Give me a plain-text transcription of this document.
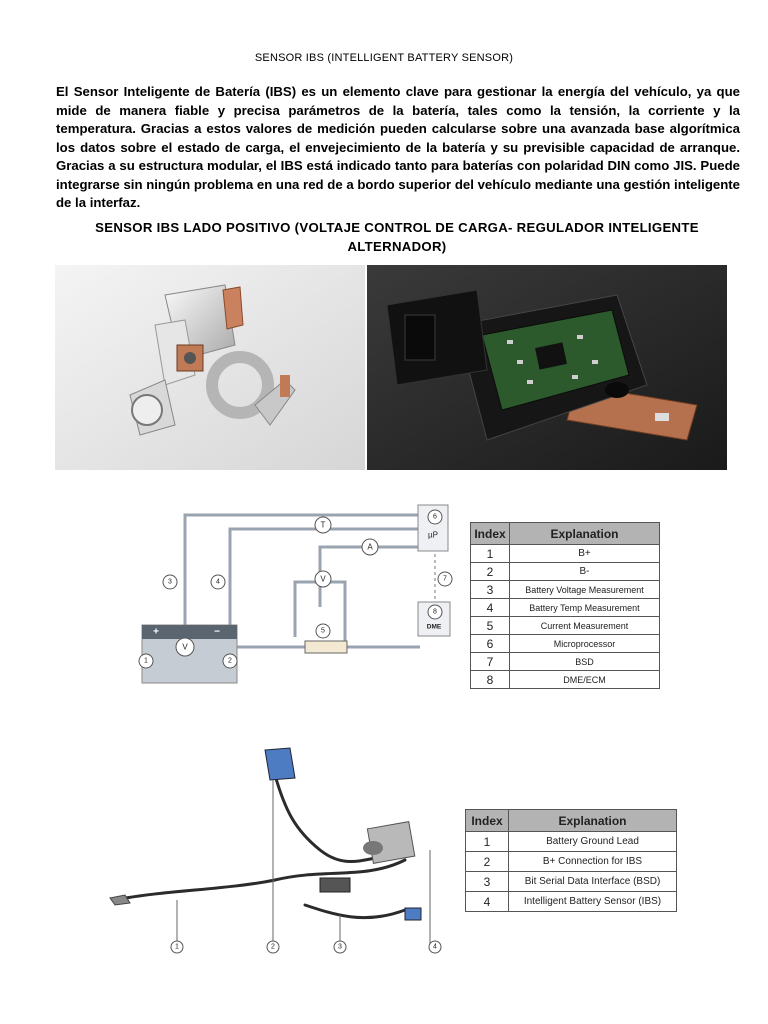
SENSOR IBS (INTELLIGENT BATTERY SENSOR)
El Sensor Inteligente de Batería (IBS) es un elemento clave para gestionar la energía del vehículo, ya que mide de manera fiable y precisa parámetros de la batería, tales como la tensión, la corriente y la temperatura. Gracias a estos valores de medición pueden calcularse sobre una avanzada base algorítmica los datos sobre el estado de carga, el envejecimiento de la batería y su previsible capacidad de arranque. Gracias a su estructura modular, el IBS está indicado tanto para baterías con polaridad DIN como JIS. Puede integrarse sin ningún problema en una red de a bordo superior del vehículo mediante una gestión inteligente de la interfaz.
SENSOR IBS LADO POSITIVO (VOLTAJE CONTROL DE CARGA- REGULADOR INTELIGENTE ALTERNADOR)
T
A
V
V
µP
DME
+	−
1	2
3	4
5
6
7
8
Index	Explanation
1	B+
2	B-
3	Battery Voltage Measurement
4	Battery Temp Measurement
5	Current Measurement
6	Microprocessor
7	BSD
8	DME/ECM
1	2	3	4
Index	Explanation
1	Battery Ground Lead
2	B+ Connection for IBS
3	Bit Serial Data Interface (BSD)
4	Intelligent Battery Sensor (IBS)
